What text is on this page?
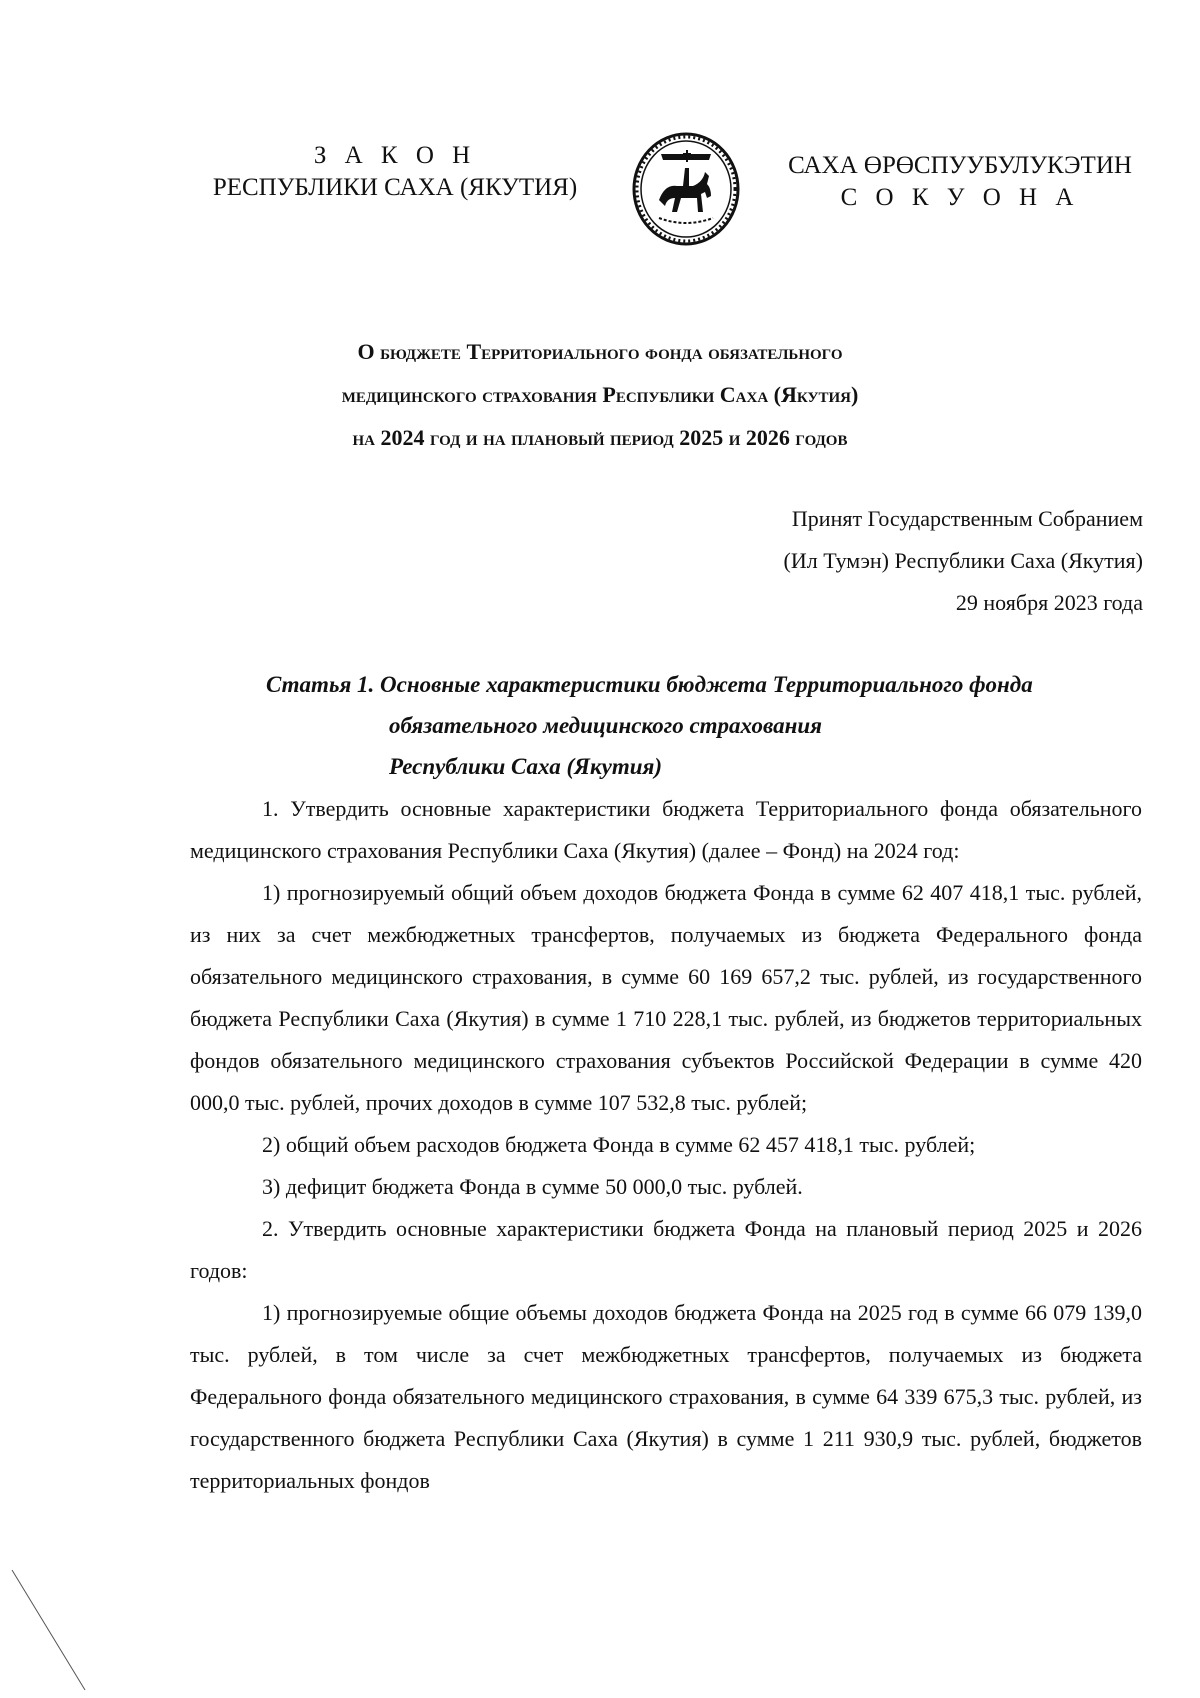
З А К О Н
РЕСПУБЛИКИ САХА (ЯКУТИЯ)
САХА ӨРӨСПУУБУЛУКЭТИН
С О К У О Н А
О бюджете Территориального фонда обязательного
медицинского страхования Республики Саха (Якутия)
на 2024 год и на плановый период 2025 и 2026 годов
Принят Государственным Собранием
(Ил Тумэн) Республики Саха (Якутия)
29 ноября 2023 года
Статья 1. Основные характеристики бюджета Территориального фонда
обязательного медицинского страхования
Республики Саха (Якутия)

1. Утвердить основные характеристики бюджета Территориального фонда обязательного медицинского страхования Республики Саха (Якутия) (далее – Фонд) на 2024 год:

1) прогнозируемый общий объем доходов бюджета Фонда в сумме 62 407 418,1 тыс. рублей, из них за счет межбюджетных трансфертов, получаемых из бюджета Федерального фонда обязательного медицинского страхования, в сумме 60 169 657,2 тыс. рублей, из государственного бюджета Республики Саха (Якутия) в сумме 1 710 228,1 тыс. рублей, из бюджетов территориальных фондов обязательного медицинского страхования субъектов Российской Федерации в сумме 420 000,0 тыс. рублей, прочих доходов в сумме 107 532,8 тыс. рублей;

2) общий объем расходов бюджета Фонда в сумме 62 457 418,1 тыс. рублей;

3) дефицит бюджета Фонда в сумме 50 000,0 тыс. рублей.

2. Утвердить основные характеристики бюджета Фонда на плановый период 2025 и 2026 годов:

1) прогнозируемые общие объемы доходов бюджета Фонда на 2025 год в сумме 66 079 139,0 тыс. рублей, в том числе за счет межбюджетных трансфертов, получаемых из бюджета Федерального фонда обязательного медицинского страхования, в сумме 64 339 675,3 тыс. рублей, из государственного бюджета Республики Саха (Якутия) в сумме 1 211 930,9 тыс. рублей, бюджетов территориальных фондов
